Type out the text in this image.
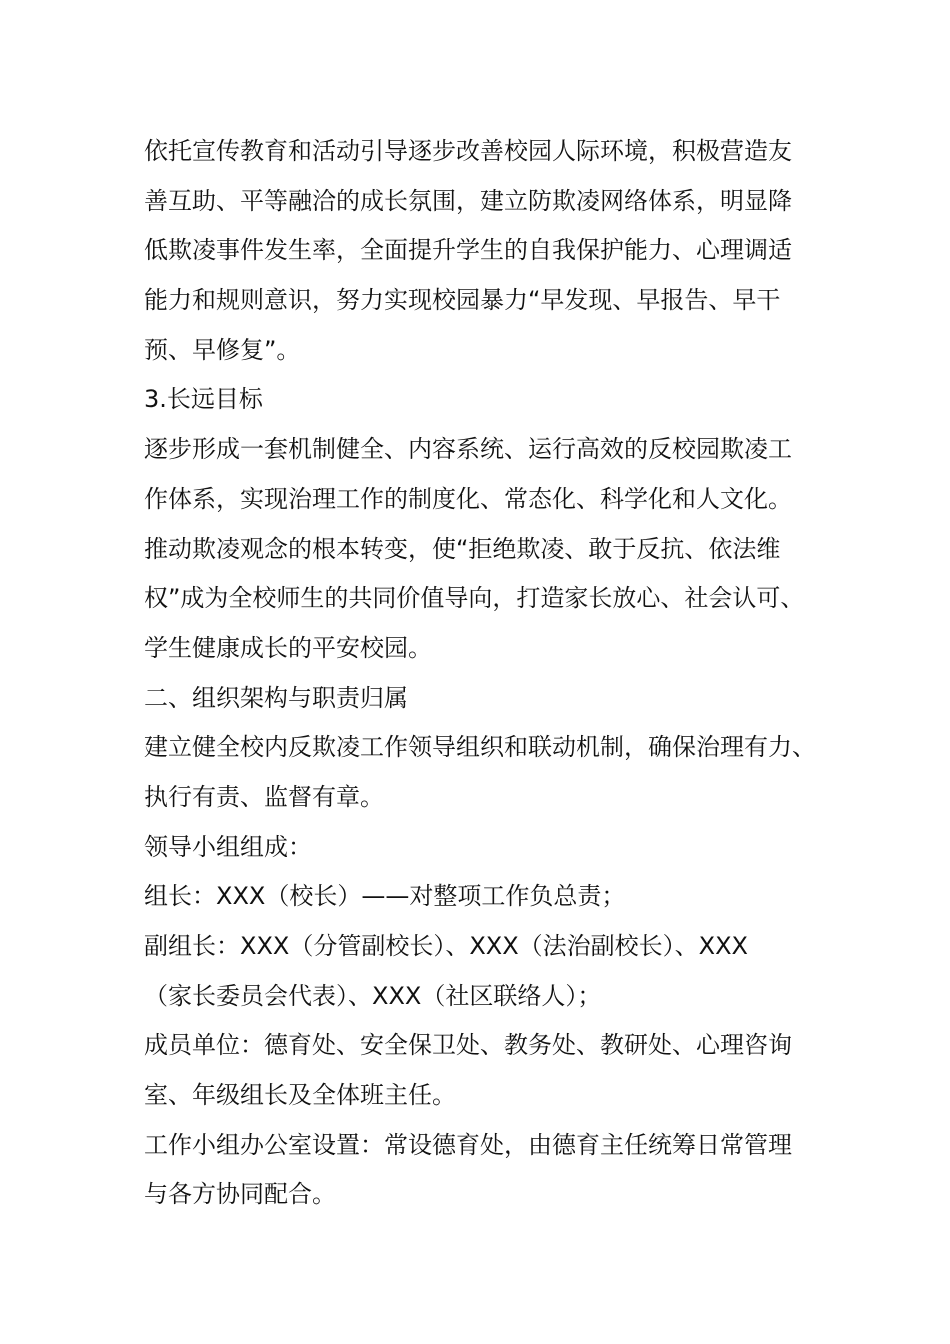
依托宣传教育和活动引导逐步改善校园人际环境，积极营造友
善互助、平等融洽的成长氛围，建立防欺凌网络体系，明显降
低欺凌事件发生率，全面提升学生的自我保护能力、心理调适
能力和规则意识，努力实现校园暴力“早发现、早报告、早干
预、早修复”。
3.长远目标
逐步形成一套机制健全、内容系统、运行高效的反校园欺凌工
作体系，实现治理工作的制度化、常态化、科学化和人文化。
推动欺凌观念的根本转变，使“拒绝欺凌、敢于反抗、依法维
权”成为全校师生的共同价值导向，打造家长放心、社会认可、
学生健康成长的平安校园。
二、组织架构与职责归属
建立健全校内反欺凌工作领导组织和联动机制，确保治理有力、
执行有责、监督有章。
领导小组组成：
组长：XXX（校长）——对整项工作负总责；
副组长：XXX（分管副校长）、XXX（法治副校长）、XXX
（家长委员会代表）、XXX（社区联络人）；
成员单位：德育处、安全保卫处、教务处、教研处、心理咨询
室、年级组长及全体班主任。
工作小组办公室设置：常设德育处，由德育主任统筹日常管理
与各方协同配合。
